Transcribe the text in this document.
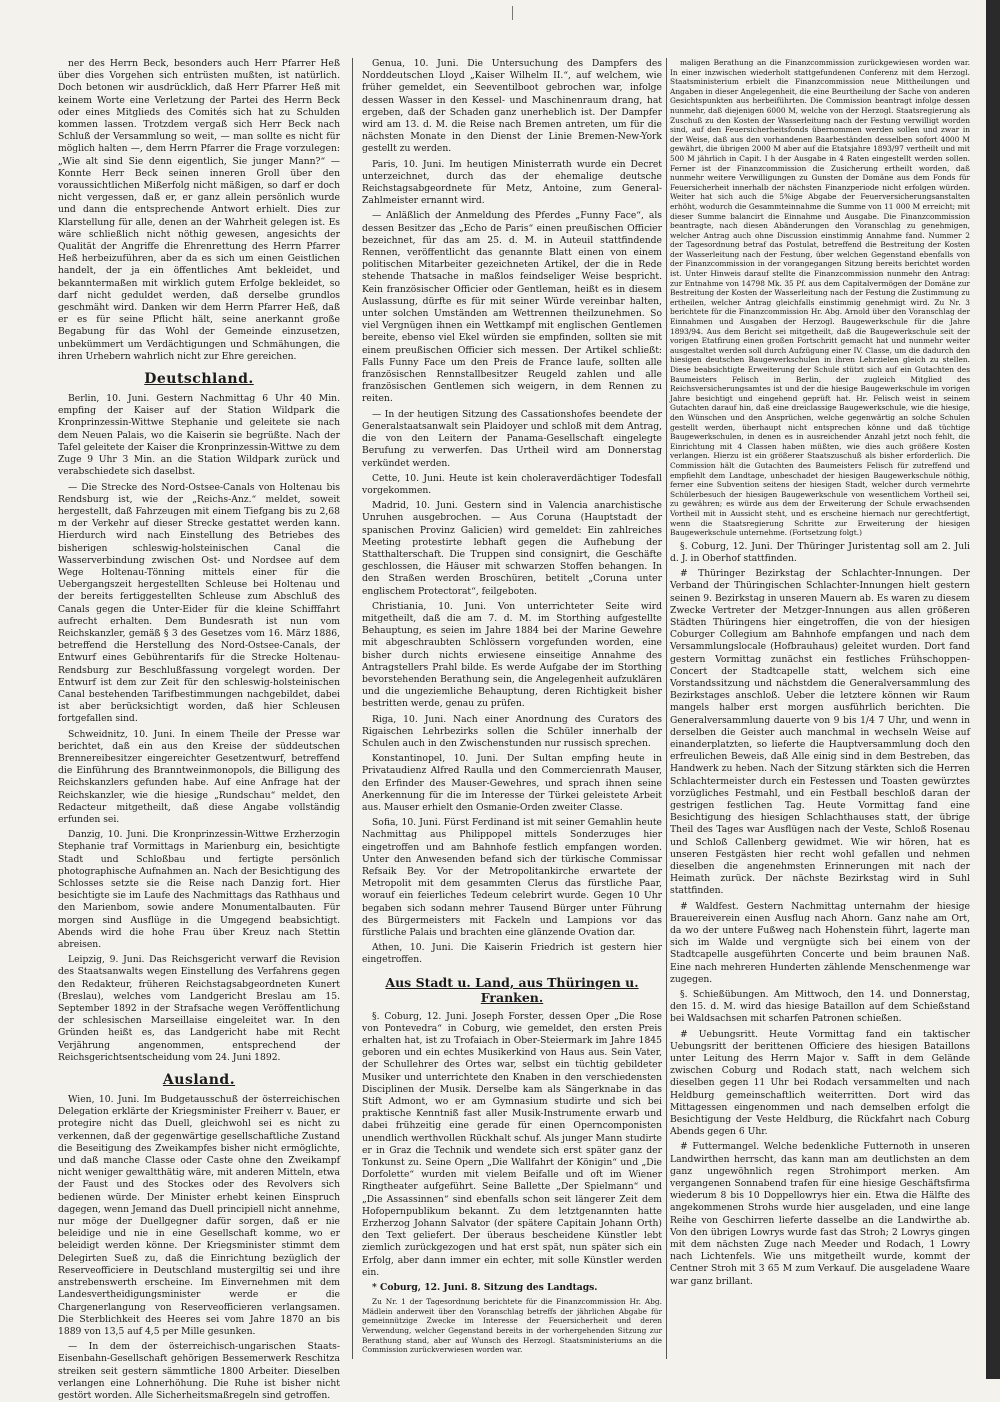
ner des Herrn Beck, besonders auch Herr Pfarrer Heß über dies Vorgehen sich entrüsten mußten, ist natürlich. Doch betonen wir ausdrücklich, daß Herr Pfarrer Heß mit keinem Worte eine Verletzung der Partei des Herrn Beck oder eines Mitglieds des Comités sich hat zu Schulden kommen lassen. Trotzdem vergaß sich Herr Beck nach Schluß der Versammlung so weit, — man sollte es nicht für möglich halten —, dem Herrn Pfarrer die Frage vorzulegen: „Wie alt sind Sie denn eigentlich, Sie junger Mann?“ — Konnte Herr Beck seinen inneren Groll über den voraussichtlichen Mißerfolg nicht mäßigen, so darf er doch nicht vergessen, daß er, er ganz allein persönlich wurde und dann die entsprechende Antwort erhielt. Dies zur Klarstellung für alle, denen an der Wahrheit gelegen ist. Es wäre schließlich nicht nöthig gewesen, angesichts der Qualität der Angriffe die Ehrenrettung des Herrn Pfarrer Heß herbeizuführen, aber da es sich um einen Geistlichen handelt, der ja ein öffentliches Amt bekleidet, und bekanntermaßen mit wirklich gutem Erfolge bekleidet, so darf nicht geduldet werden, daß derselbe grundlos geschmäht wird. Danken wir dem Herrn Pfarrer Heß, daß er es für seine Pflicht hält, seine anerkannt große Begabung für das Wohl der Gemeinde einzusetzen, unbekümmert um Verdächtigungen und Schmähungen, die ihren Urhebern wahrlich nicht zur Ehre gereichen.

Deutschland.

Berlin, 10. Juni. Gestern Nachmittag 6 Uhr 40 Min. empfing der Kaiser auf der Station Wildpark die Kronprinzessin-Wittwe Stephanie und geleitete sie nach dem Neuen Palais, wo die Kaiserin sie begrüßte. Nach der Tafel geleitete der Kaiser die Kronprinzessin-Wittwe zu dem Zuge 9 Uhr 3 Min. an die Station Wildpark zurück und verabschiedete sich daselbst.

— Die Strecke des Nord-Ostsee-Canals von Holtenau bis Rendsburg ist, wie der „Reichs-Anz.“ meldet, soweit hergestellt, daß Fahrzeugen mit einem Tiefgang bis zu 2,68 m der Verkehr auf dieser Strecke gestattet werden kann. Hierdurch wird nach Einstellung des Betriebes des bisherigen schleswig-holsteinischen Canal die Wasserverbindung zwischen Ost- und Nordsee auf dem Wege Holtenau-Tönning mittels einer für die Uebergangszeit hergestellten Schleuse bei Holtenau und der bereits fertiggestellten Schleuse zum Abschluß des Canals gegen die Unter-Eider für die kleine Schifffahrt aufrecht erhalten. Dem Bundesrath ist nun vom Reichskanzler, gemäß § 3 des Gesetzes vom 16. März 1886, betreffend die Herstellung des Nord-Ostsee-Canals, der Entwurf eines Gebührentarifs für die Strecke Holtenau-Rendsburg zur Beschlußfassung vorgelegt worden. Der Entwurf ist dem zur Zeit für den schleswig-holsteinischen Canal bestehenden Tarifbestimmungen nachgebildet, dabei ist aber berücksichtigt worden, daß hier Schleusen fortgefallen sind.

Schweidnitz, 10. Juni. In einem Theile der Presse war berichtet, daß ein aus den Kreise der süddeutschen Brennereibesitzer eingereichter Gesetzentwurf, betreffend die Einführung des Branntweinmonopols, die Billigung des Reichskanzlers gefunden habe. Auf eine Anfrage hat der Reichskanzler, wie die hiesige „Rundschau“ meldet, den Redacteur mitgetheilt, daß diese Angabe vollständig erfunden sei.

Danzig, 10. Juni. Die Kronprinzessin-Wittwe Erzherzogin Stephanie traf Vormittags in Marienburg ein, besichtigte Stadt und Schloßbau und fertigte persönlich photographische Aufnahmen an. Nach der Besichtigung des Schlosses setzte sie die Reise nach Danzig fort. Hier besichtigte sie im Laufe des Nachmittags das Rathhaus und den Marienbom, sowie andere Monumentalbauten. Für morgen sind Ausflüge in die Umgegend beabsichtigt. Abends wird die hohe Frau über Kreuz nach Stettin abreisen.

Leipzig, 9. Juni. Das Reichsgericht verwarf die Revision des Staatsanwalts wegen Einstellung des Verfahrens gegen den Redakteur, früheren Reichstagsabgeordneten Kunert (Breslau), welches vom Landgericht Breslau am 15. September 1892 in der Strafsache wegen Veröffentlichung der schlesischen Marseillaise eingeleitet war. In den Gründen heißt es, das Landgericht habe mit Recht Verjährung angenommen, entsprechend der Reichsgerichtsentscheidung vom 24. Juni 1892.

Ausland.

Wien, 10. Juni. Im Budgetausschuß der österreichischen Delegation erklärte der Kriegsminister Freiherr v. Bauer, er protegire nicht das Duell, gleichwohl sei es nicht zu verkennen, daß der gegenwärtige gesellschaftliche Zustand die Beseitigung des Zweikampfes bisher nicht ermöglichte, und daß manche Classe oder Caste ohne den Zweikampf nicht weniger gewaltthätig wäre, mit anderen Mitteln, etwa der Faust und des Stockes oder des Revolvers sich bedienen würde. Der Minister erhebt keinen Einspruch dagegen, wenn Jemand das Duell principiell nicht annehme, nur möge der Duellgegner dafür sorgen, daß er nie beleidige und nie in eine Gesellschaft komme, wo er beleidigt werden könne. Der Kriegsminister stimmt dem Delegirten Sueß zu, daß die Einrichtung bezüglich der Reserveofficiere in Deutschland mustergiltig sei und ihre anstrebenswerth erscheine. Im Einvernehmen mit dem Landesvertheidigungsminister werde er die Chargenerlangung von Reserveofficieren verlangsamen. Die Sterblichkeit des Heeres sei vom Jahre 1870 an bis 1889 von 13,5 auf 4,5 per Mille gesunken.

— In dem der österreichisch-ungarischen Staats-Eisenbahn-Gesellschaft gehörigen Bessemerwerk Reschitza streiken seit gestern sämmtliche 1800 Arbeiter. Dieselben verlangen eine Lohnerhöhung. Die Ruhe ist bisher nicht gestört worden. Alle Sicherheitsmaßregeln sind getroffen.

Genua, 10. Juni. Die Untersuchung des Dampfers des Norddeutschen Lloyd „Kaiser Wilhelm II.“, auf welchem, wie früher gemeldet, ein Seeventilboot gebrochen war, infolge dessen Wasser in den Kessel- und Maschinenraum drang, hat ergeben, daß der Schaden ganz unerheblich ist. Der Dampfer wird am 13. d. M. die Reise nach Bremen antreten, um für die nächsten Monate in den Dienst der Linie Bremen-New-York gestellt zu werden.

Paris, 10. Juni. Im heutigen Ministerrath wurde ein Decret unterzeichnet, durch das der ehemalige deutsche Reichstagsabgeordnete für Metz, Antoine, zum General-Zahlmeister ernannt wird.

— Anläßlich der Anmeldung des Pferdes „Funny Face“, als dessen Besitzer das „Echo de Paris“ einen preußischen Officier bezeichnet, für das am 25. d. M. in Auteuil stattfindende Rennen, veröffentlicht das genannte Blatt einen von einem politischen Mitarbeiter gezeichneten Artikel, der die in Rede stehende Thatsache in maßlos feindseliger Weise bespricht. Kein französischer Officier oder Gentleman, heißt es in diesem Auslassung, dürfte es für mit seiner Würde vereinbar halten, unter solchen Umständen am Wettrennen theilzunehmen. So viel Vergnügen ihnen ein Wettkampf mit englischen Gentlemen bereite, ebenso viel Ekel würden sie empfinden, sollten sie mit einem preußischen Officier sich messen. Der Artikel schließt: Falls Funny Face um den Preis de France laufe, sollten alle französischen Rennstallbesitzer Reugeld zahlen und alle französischen Gentlemen sich weigern, in dem Rennen zu reiten.

— In der heutigen Sitzung des Cassationshofes beendete der Generalstaatsanwalt sein Plaidoyer und schloß mit dem Antrag, die von den Leitern der Panama-Gesellschaft eingelegte Berufung zu verwerfen. Das Urtheil wird am Donnerstag verkündet werden.

Cette, 10. Juni. Heute ist kein choleraverdächtiger Todesfall vorgekommen.

Madrid, 10. Juni. Gestern sind in Valencia anarchistische Unruhen ausgebrochen. — Aus Coruna (Hauptstadt der spanischen Provinz Galicien) wird gemeldet: Ein zahlreiches Meeting protestirte lebhaft gegen die Aufhebung der Statthalterschaft. Die Truppen sind consignirt, die Geschäfte geschlossen, die Häuser mit schwarzen Stoffen behangen. In den Straßen werden Broschüren, betitelt „Coruna unter englischem Protectorat“, feilgeboten.

Christiania, 10. Juni. Von unterrichteter Seite wird mitgetheilt, daß die am 7. d. M. im Storthing aufgestellte Behauptung, es seien im Jahre 1884 bei der Marine Gewehre mit abgeschraubten Schlössern vorgefunden worden, eine bisher durch nichts erwiesene einseitige Annahme des Antragstellers Prahl bilde. Es werde Aufgabe der im Storthing bevorstehenden Berathung sein, die Angelegenheit aufzuklären und die ungeziemliche Behauptung, deren Richtigkeit bisher bestritten werde, genau zu prüfen.

Riga, 10. Juni. Nach einer Anordnung des Curators des Rigaischen Lehrbezirks sollen die Schüler innerhalb der Schulen auch in den Zwischenstunden nur russisch sprechen.

Konstantinopel, 10. Juni. Der Sultan empfing heute in Privataudienz Alfred Raulla und den Commercienrath Mauser, den Erfinder des Mauser-Gewehres, und sprach ihnen seine Anerkennung für die im Interesse der Türkei geleistete Arbeit aus. Mauser erhielt den Osmanie-Orden zweiter Classe.

Sofia, 10. Juni. Fürst Ferdinand ist mit seiner Gemahlin heute Nachmittag aus Philippopel mittels Sonderzuges hier eingetroffen und am Bahnhofe festlich empfangen worden. Unter den Anwesenden befand sich der türkische Commissar Refsaik Bey. Vor der Metropolitankirche erwartete der Metropolit mit dem gesammten Clerus das fürstliche Paar, worauf ein feierliches Tedeum celebrirt wurde. Gegen 10 Uhr begaben sich sodann mehrer Tausend Bürger unter Führung des Bürgermeisters mit Fackeln und Lampions vor das fürstliche Palais und brachten eine glänzende Ovation dar.

Athen, 10. Juni. Die Kaiserin Friedrich ist gestern hier eingetroffen.

Aus Stadt u. Land, aus Thüringen u. Franken.

§. Coburg, 12. Juni. Joseph Forster, dessen Oper „Die Rose von Pontevedra“ in Coburg, wie gemeldet, den ersten Preis erhalten hat, ist zu Trofaiach in Ober-Steiermark im Jahre 1845 geboren und ein echtes Musikerkind von Haus aus. Sein Vater, der Schullehrer des Ortes war, selbst ein tüchtig gebildeter Musiker und unterrichtete den Knaben in den verschiedensten Disciplinen der Musik. Derselbe kam als Sängerknabe in das Stift Admont, wo er am Gymnasium studirte und sich bei praktische Kenntniß fast aller Musik-Instrumente erwarb und dabei frühzeitig eine gerade für einen Operncomponisten unendlich werthvollen Rückhalt schuf. Als junger Mann studirte er in Graz die Technik und wendete sich erst später ganz der Tonkunst zu. Seine Opern „Die Wallfahrt der Königin“ und „Die Dorfolette“ wurden mit vielem Beifalle und oft im Wiener Ringtheater aufgeführt. Seine Ballette „Der Spielmann“ und „Die Assassinnen“ sind ebenfalls schon seit längerer Zeit dem Hofopernpublikum bekannt. Zu dem letztgenannten hatte Erzherzog Johann Salvator (der spätere Capitain Johann Orth) den Text geliefert. Der überaus bescheidene Künstler lebt ziemlich zurückgezogen und hat erst spät, nun später sich ein Erfolg, aber dann immer ein echter, mit solle Künstler werden ein.

* Coburg, 12. Juni. 8. Sitzung des Landtags.

Zu Nr. 1 der Tagesordnung berichtete für die Finanzcommission Hr. Abg. Mädlein anderweit über den Voranschlag betreffs der jährlichen Abgabe für gemeinnützige Zwecke im Interesse der Feuersicherheit und deren Verwendung, welcher Gegenstand bereits in der vorhergehenden Sitzung zur Berathung stand, aber auf Wunsch des Herzogl. Staatsministeriums an die Commission zurückverwiesen worden war.

maligen Berathung an die Finanzcommission zurückgewiesen worden war. In einer inzwischen wiederholt stattgefundenen Conferenz mit dem Herzogl. Staatsministerium erbielt die Finanzcommission neue Mittheilungen und Angaben in dieser Angelegenheit, die eine Beurtheilung der Sache von anderen Gesichtspunkten aus herbeiführten. Die Commission beantragt infolge dessen nunmehr, daß diejenigen 6000 M, welche von der Herzogl. Staatsregierung als Zuschuß zu den Kosten der Wasserleitung nach der Festung verwilligt worden sind, auf den Feuersicherheitsfonds übernommen werden sollen und zwar in der Weise, daß aus den vorhandenen Baarbeständen desselben sofort 4000 M gewährt, die übrigen 2000 M aber auf die Etatsjahre 1893/97 vertheilt und mit 500 M jährlich in Capit. I h der Ausgabe in 4 Raten eingestellt werden sollen. Ferner ist der Finanzcommission die Zusicherung ertheilt worden, daß nunmehr weitere Verwilligungen zu Gunsten der Domäne aus dem Fonds für Feuersicherheit innerhalb der nächsten Finanzperiode nicht erfolgen würden. Weiter hat sich auch die 5%ige Abgabe der Feuerversicherungsanstalten erhöht, wodurch die Gesammteinnahme die Summe von 11 000 M erreicht; mit dieser Summe balancirt die Einnahme und Ausgabe. Die Finanzcommission beantragte, nach diesen Abänderungen den Voranschlag zu genehmigen, welcher Antrag auch ohne Discussion einstimmig Annahme fand. Nummer 2 der Tagesordnung betraf das Postulat, betreffend die Bestreitung der Kosten der Wasserleitung nach der Festung, über welchen Gegenstand ebenfalls von der Finanzcommission in der vorangegangen Sitzung bereits berichtet worden ist. Unter Hinweis darauf stellte die Finanzcommission nunmehr den Antrag: zur Entnahme von 14798 Mk. 35 Pf. aus dem Capitalvermögen der Domäne zur Bestreitung der Kosten der Wasserleitung nach der Festung die Zustimmung zu ertheilen, welcher Antrag gleichfalls einstimmig genehmigt wird. Zu Nr. 3 berichtete für die Finanzcommission Hr. Abg. Arnold über den Voranschlag der Einnahmen und Ausgaben der Herzogl. Baugewerkschule für die Jahre 1893/94. Aus dem Bericht sei mitgetheilt, daß die Baugewerkschule seit der vorigen Etatfirung einen großen Fortschritt gemacht hat und nunmehr weiter ausgestaltet werden soll durch Aufzügung einer IV. Classe, um die dadurch den hiesigen deutschen Baugewerkschulen in ihren Lehrzielen gleich zu stellen. Diese beabsichtigte Erweiterung der Schule stützt sich auf ein Gutachten des Baumeisters Felisch in Berlin, der zugleich Mitglied des Reichsversicherungsamtes ist und der die hiesige Baugewerkschule im vorigen Jahre besichtigt und eingehend geprüft hat. Hr. Felisch weist in seinem Gutachten darauf hin, daß eine dreiclassige Baugewerkschule, wie die hiesige, den Wünschen und den Ansprüchen, welche gegenwärtig an solche Schulen gestellt werden, überhaupt nicht entsprechen könne und daß tüchtige Baugewerkschulen, in denen es in ausreichender Anzahl jetzt noch fehlt, die Einrichtung mit 4 Classen haben müßten, wie dies auch größere Kosten verlangen. Hierzu ist ein größerer Staatszuschuß als bisher erforderlich. Die Commission hält die Gutachten des Baumeisters Felisch für zutreffend und empfiehlt dem Landtage, unbeschadet der hiesigen Baugewerkschule nöthig, ferner eine Subvention seitens der hiesigen Stadt, welcher durch vermehrte Schülerbesuch der hiesigen Baugewerkschule von wesentlichem Vortheil sei, zu gewähren; es würde aus dem der Erweiterung der Schule erwachsenden Vortheil mit in Aussicht steht, und es erscheine hiernach nur gerechtfertigt, wenn die Staatsregierung Schritte zur Erweiterung der hiesigen Baugewerkschule unternehme. (Fortsetzung folgt.)

§. Coburg, 12. Juni. Der Thüringer Juristentag soll am 2. Juli d. J. in Oberhof stattfinden.

# Thüringer Bezirkstag der Schlachter-Innungen. Der Verband der Thüringischen Schlachter-Innungen hielt gestern seinen 9. Bezirkstag in unseren Mauern ab. Es waren zu diesem Zwecke Vertreter der Metzger-Innungen aus allen größeren Städten Thüringens hier eingetroffen, die von der hiesigen Coburger Collegium am Bahnhofe empfangen und nach dem Versammlungslocale (Hofbrauhaus) geleitet wurden. Dort fand gestern Vormittag zunächst ein festliches Frühschoppen-Concert der Stadtcapelle statt, welchem sich eine Vorstandssitzung und nächstdem die Generalversammlung des Bezirkstages anschloß. Ueber die letztere können wir Raum mangels halber erst morgen ausführlich berichten. Die Generalversammlung dauerte von 9 bis 1/4 7 Uhr, und wenn in derselben die Geister auch manchmal in wechseln Weise auf einanderplatzten, so lieferte die Hauptversammlung doch den erfreulichen Beweis, daß Alle einig sind in dem Bestreben, das Handwerk zu heben. Nach der Sitzung stärkten sich die Herren Schlachtermeister durch ein Festessen und Toasten gewürztes vorzügliches Festmahl, und ein Festball beschloß daran der gestrigen festlichen Tag. Heute Vormittag fand eine Besichtigung des hiesigen Schlachthauses statt, der übrige Theil des Tages war Ausflügen nach der Veste, Schloß Rosenau und Schloß Callenberg gewidmet. Wie wir hören, hat es unseren Festgästen hier recht wohl gefallen und nehmen dieselben die angenehmsten Erinnerungen mit nach der Heimath zurück. Der nächste Bezirkstag wird in Suhl stattfinden.

# Waldfest. Gestern Nachmittag unternahm der hiesige Brauereiverein einen Ausflug nach Ahorn. Ganz nahe am Ort, da wo der untere Fußweg nach Hohenstein führt, lagerte man sich im Walde und vergnügte sich bei einem von der Stadtcapelle ausgeführten Concerte und beim braunen Naß. Eine nach mehreren Hunderten zählende Menschenmenge war zugegen.

§. Schießübungen. Am Mittwoch, den 14. und Donnerstag, den 15. d. M. wird das hiesige Bataillon auf dem Schießstand bei Waldsachsen mit scharfen Patronen schießen.

# Uebungsritt. Heute Vormittag fand ein taktischer Uebungsritt der berittenen Officiere des hiesigen Bataillons unter Leitung des Herrn Major v. Safft in dem Gelände zwischen Coburg und Rodach statt, nach welchem sich dieselben gegen 11 Uhr bei Rodach versammelten und nach Heldburg gemeinschaftlich weiterritten. Dort wird das Mittagessen eingenommen und nach demselben erfolgt die Besichtigung der Veste Heldburg, die Rückfahrt nach Coburg Abends gegen 6 Uhr.

# Futtermangel. Welche bedenkliche Futternoth in unseren Landwirthen herrscht, das kann man am deutlichsten an dem ganz ungewöhnlich regen Strohimport merken. Am vergangenen Sonnabend trafen für eine hiesige Geschäftsfirma wiederum 8 bis 10 Doppellowrys hier ein. Etwa die Hälfte des angekommenen Strohs wurde hier ausgeladen, und eine lange Reihe von Geschirren lieferte dasselbe an die Landwirthe ab. Von den übrigen Lowrys wurde fast das Stroh; 2 Lowrys gingen mit dem nächsten Zuge nach Meeder und Rodach, 1 Lowry nach Lichtenfels. Wie uns mitgetheilt wurde, kommt der Centner Stroh mit 3 65 M zum Verkauf. Die ausgeladene Waare war ganz brillant.
